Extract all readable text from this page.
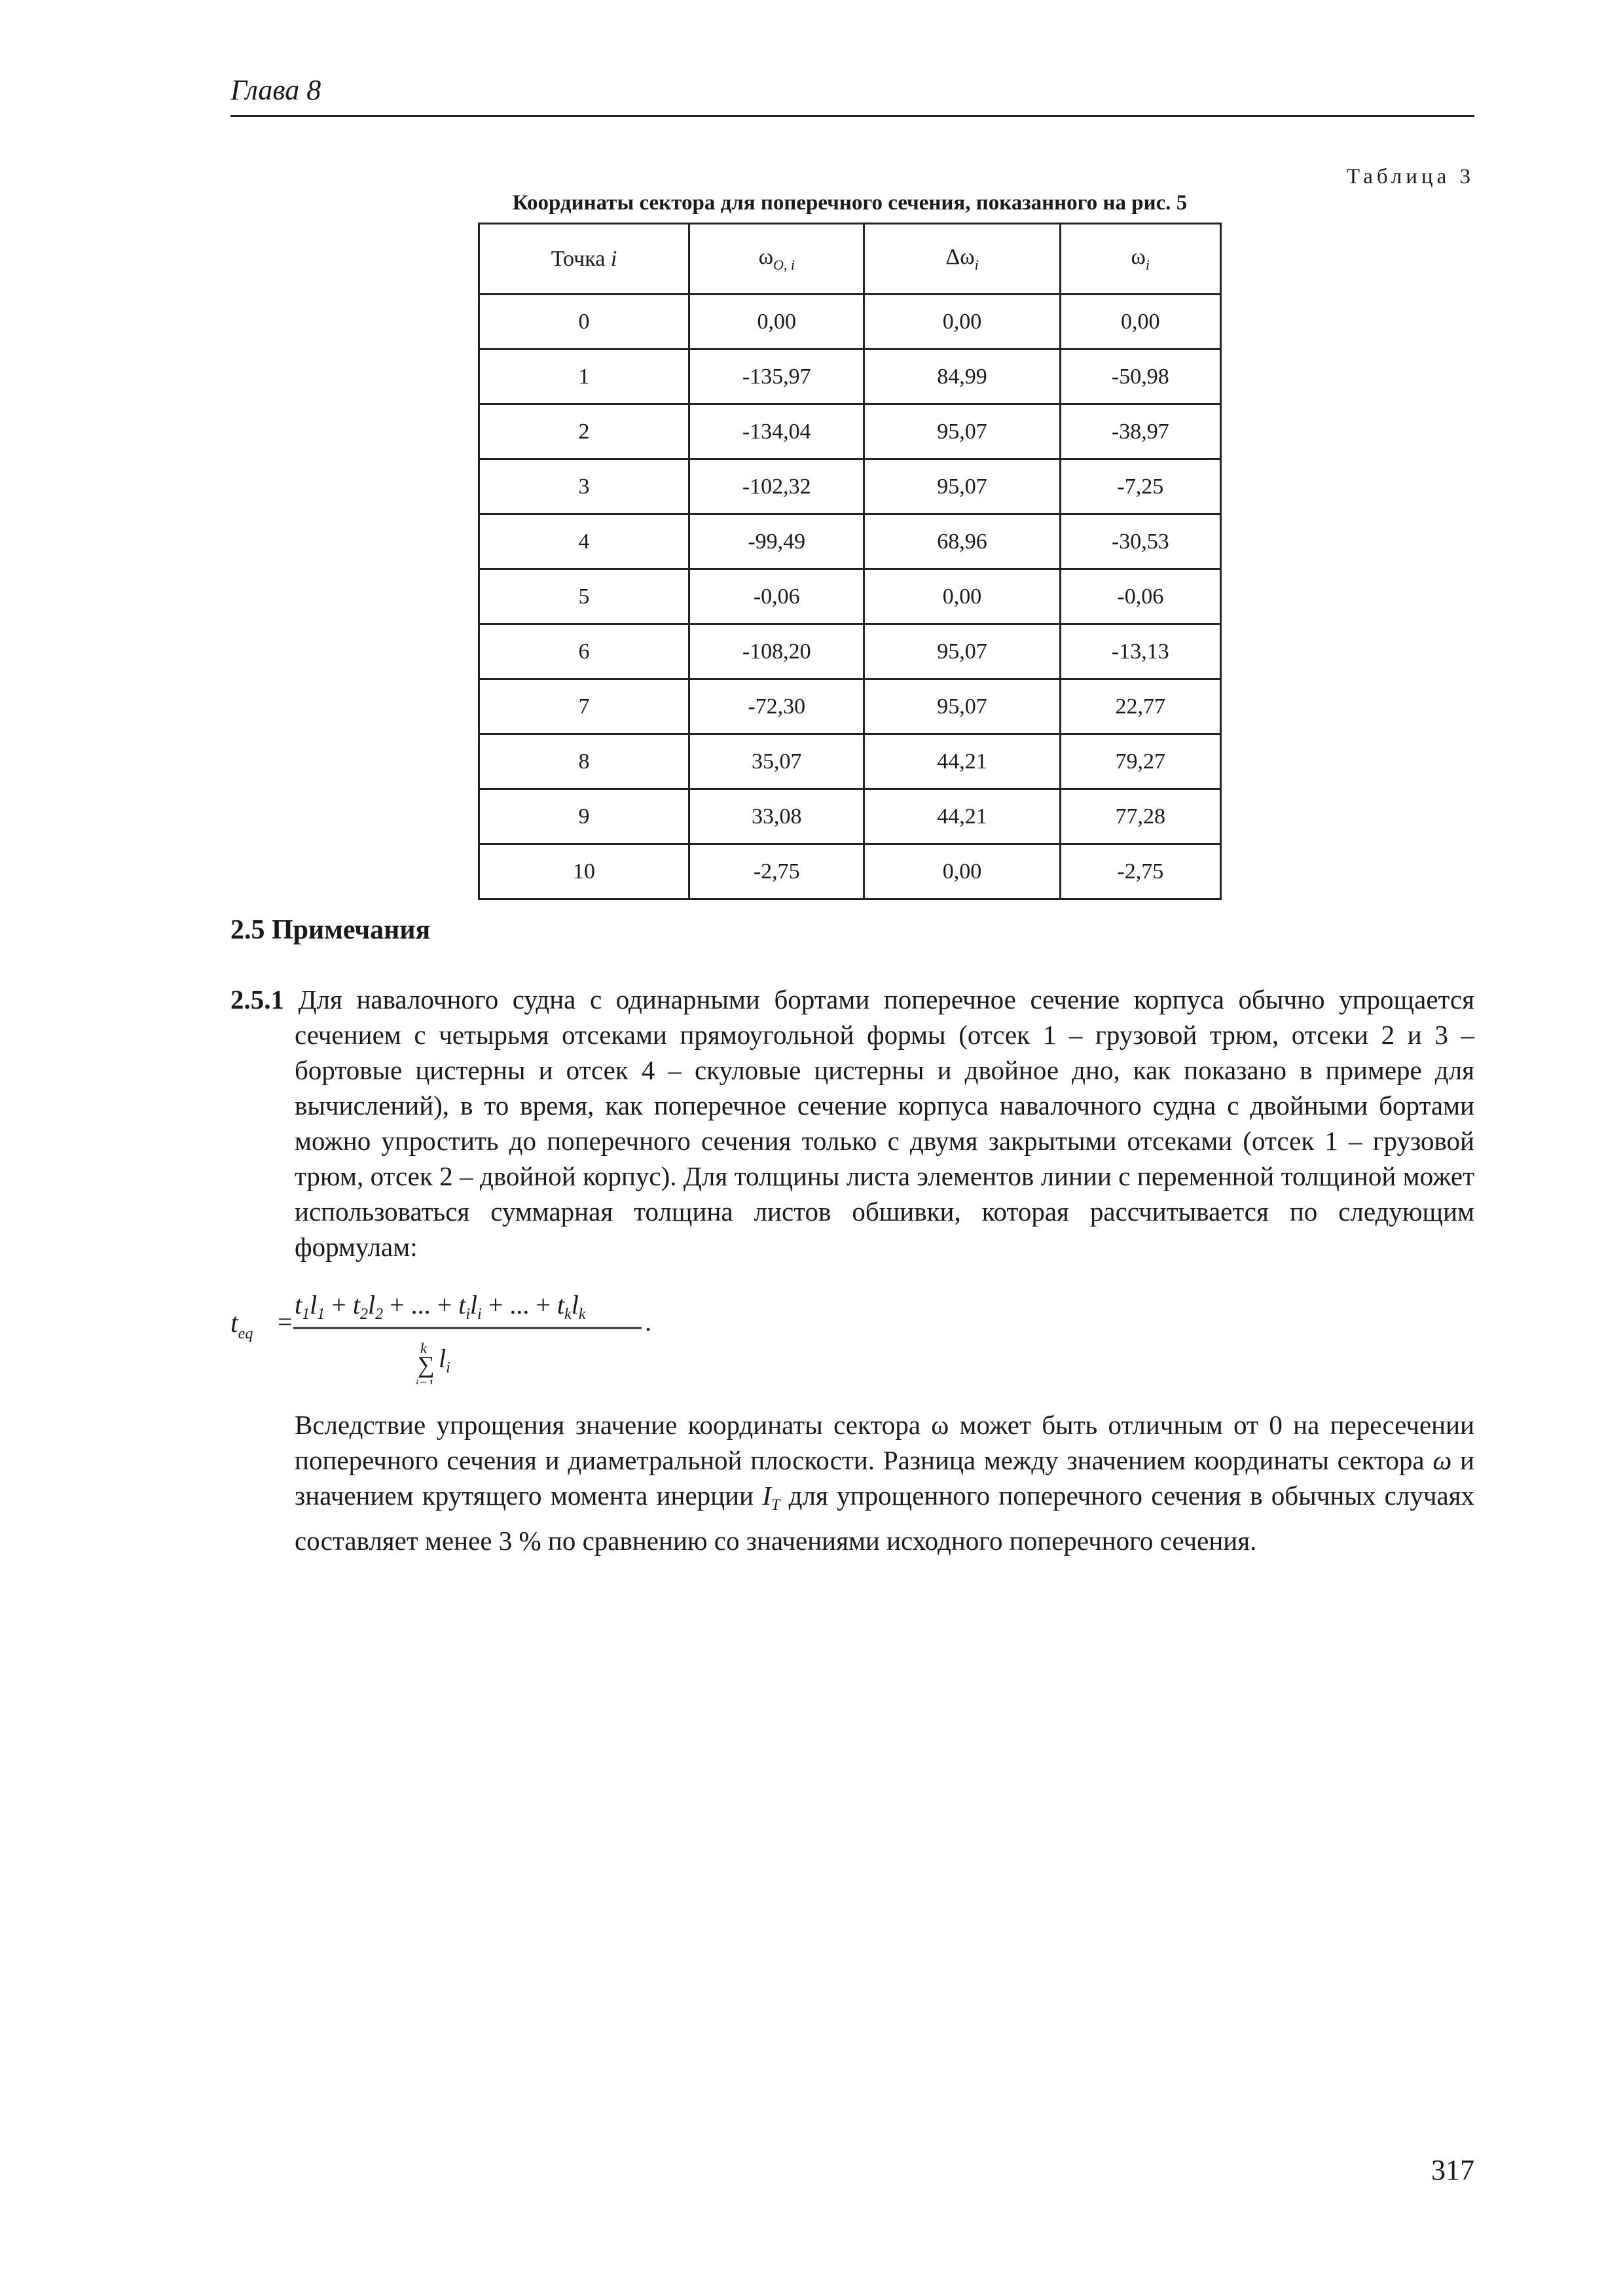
Глава 8
Таблица 3
Координаты сектора для поперечного сечения, показанного на рис. 5
Точка i	$\omega_{O, i}$	$\Delta\omega_i$	$\omega_i$
0	0,00	0,00	0,00
1	-135,97	84,99	-50,98
2	-134,04	95,07	-38,97
3	-102,32	95,07	-7,25
4	-99,49	68,96	-30,53
5	-0,06	0,00	-0,06
6	-108,20	95,07	-13,13
7	-72,30	95,07	22,77
8	35,07	44,21	79,27
9	33,08	44,21	77,28
10	-2,75	0,00	-2,75
2.5 Примечания
2.5.1 Для навалочного судна с одинарными бортами поперечное сечение корпуса обычно упрощается сечением с четырьмя отсеками прямоугольной формы (отсек 1 – грузовой трюм, отсеки 2 и 3 – бортовые цистерны и отсек 4 – скуловые цистерны и двойное дно, как показано в примере для вычислений), в то время, как поперечное сечение корпуса навалочного судна с двойными бортами можно упростить до поперечного сечения только с двумя закрытыми отсеками (отсек 1 – грузовой трюм, отсек 2 – двойной корпус). Для толщины листа элементов линии с переменной толщиной может использоваться суммарная толщина листов обшивки, которая рассчитывается по следующим формулам:
$t_{eq}$ =
$t_1l_1 + t_2l_2$ + ... + $t_il_i$ + ... + $t_kl_k$ .
k
∑
i=1
$l_i$
Вследствие упрощения значение координаты сектора ω может быть отличным от 0 на пересечении поперечного сечения и диаметральной плоскости. Разница между значением координаты сектора ω и значением крутящего момента инерции IT для упрощенного поперечного сечения в обычных случаях составляет менее 3 % по сравнению со значениями исходного поперечного сечения.
317
